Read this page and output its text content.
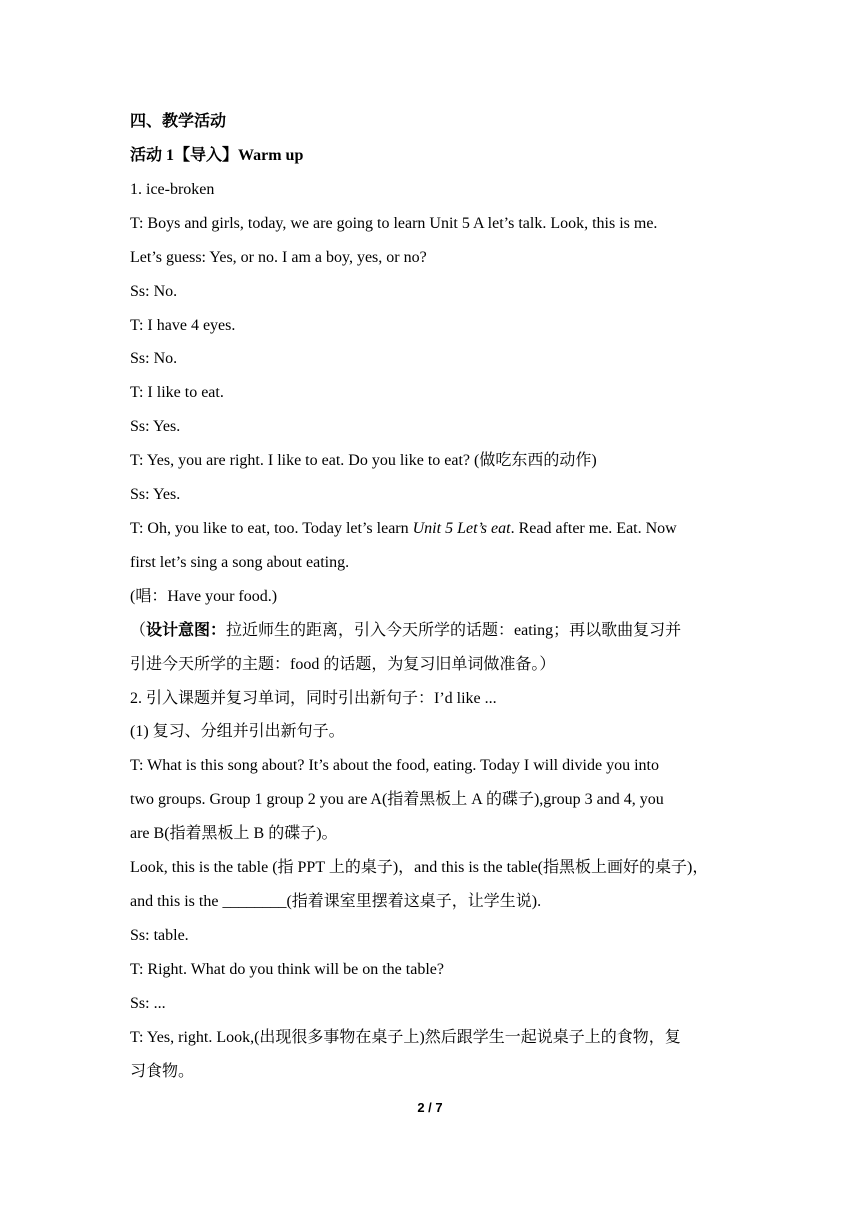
四、教学活动
活动 1【导入】Warm up
1. ice-broken
T: Boys and girls, today, we are going to learn Unit 5 A let’s talk. Look, this is me.
Let’s guess: Yes, or no. I am a boy, yes, or no?
Ss: No.
T: I have 4 eyes.
Ss: No.
T: I like to eat.
Ss: Yes.
T: Yes, you are right. I like to eat. Do you like to eat? (做吃东西的动作)
Ss: Yes.
T: Oh, you like to eat, too. Today let’s learn Unit 5 Let’s eat. Read after me. Eat. Now
first let’s sing a song about eating.
(唱：Have your food.)
（设计意图：拉近师生的距离，引入今天所学的话题：eating；再以歌曲复习并
引进今天所学的主题：food 的话题，为复习旧单词做准备。）
2. 引入课题并复习单词，同时引出新句子：I’d like ...
(1) 复习、分组并引出新句子。
T: What is this song about? It’s about the food, eating. Today I will divide you into
two groups. Group 1 group 2 you are A(指着黑板上 A 的碟子),group 3 and 4, you
are B(指着黑板上 B 的碟子)。
Look, this is the table (指 PPT 上的桌子)，and this is the table(指黑板上画好的桌子)，
and this is the ________(指着课室里摆着这桌子，让学生说).
Ss: table.
T: Right. What do you think will be on the table?
Ss: ...
T: Yes, right. Look,(出现很多事物在桌子上)然后跟学生一起说桌子上的食物，复
习食物。
2 / 7
